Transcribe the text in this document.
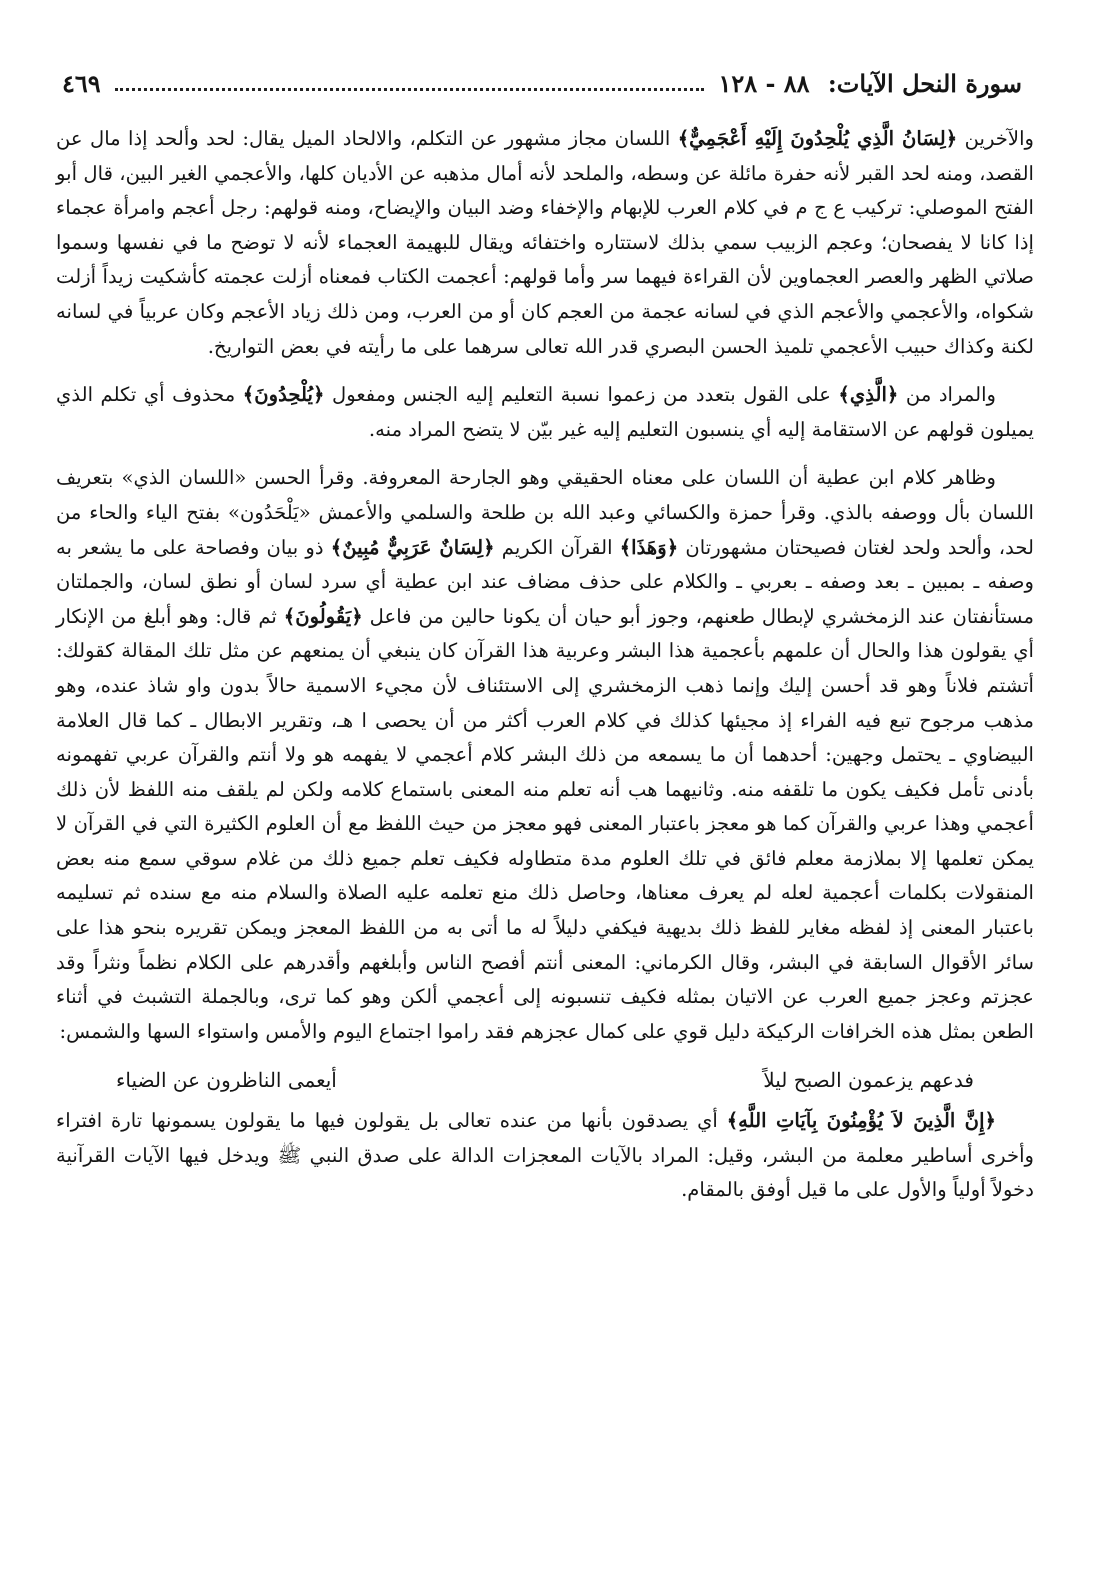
سورة النحل الآيات: ٨٨ - ١٢٨
٤٦٩

والآخرين ﴿لِسَانُ الَّذِي يُلْحِدُونَ إِلَيْهِ أَعْجَمِيٌّ﴾ اللسان مجاز مشهور عن التكلم، والالحاد الميل يقال: لحد وألحد إذا مال عن القصد، ومنه لحد القبر لأنه حفرة مائلة عن وسطه، والملحد لأنه أمال مذهبه عن الأديان كلها، والأعجمي الغير البين، قال أبو الفتح الموصلي: تركيب ع ج م في كلام العرب للإبهام والإخفاء وضد البيان والإيضاح، ومنه قولهم: رجل أعجم وامرأة عجماء إذا كانا لا يفصحان؛ وعجم الزبيب سمي بذلك لاستتاره واختفائه ويقال للبهيمة العجماء لأنه لا توضح ما في نفسها وسموا صلاتي الظهر والعصر العجماوين لأن القراءة فيهما سر وأما قولهم: أعجمت الكتاب فمعناه أزلت عجمته كأشكيت زيداً أزلت شكواه، والأعجمي والأعجم الذي في لسانه عجمة من العجم كان أو من العرب، ومن ذلك زياد الأعجم وكان عربياً في لسانه لكنة وكذاك حبيب الأعجمي تلميذ الحسن البصري قدر الله تعالى سرهما على ما رأيته في بعض التواريخ.

والمراد من ﴿الَّذِي﴾ على القول بتعدد من زعموا نسبة التعليم إليه الجنس ومفعول ﴿يُلْحِدُونَ﴾ محذوف أي تكلم الذي يميلون قولهم عن الاستقامة إليه أي ينسبون التعليم إليه غير بيّن لا يتضح المراد منه.

وظاهر كلام ابن عطية أن اللسان على معناه الحقيقي وهو الجارحة المعروفة. وقرأ الحسن «اللسان الذي» بتعريف اللسان بأل ووصفه بالذي. وقرأ حمزة والكسائي وعبد الله بن طلحة والسلمي والأعمش «يَلْحَدُون» بفتح الياء والحاء من لحد، وألحد ولحد لغتان فصيحتان مشهورتان ﴿وَهَذَا﴾ القرآن الكريم ﴿لِسَانٌ عَرَبِيٌّ مُبِينٌ﴾ ذو بيان وفصاحة على ما يشعر به وصفه ـ بمبين ـ بعد وصفه ـ بعربي ـ والكلام على حذف مضاف عند ابن عطية أي سرد لسان أو نطق لسان، والجملتان مستأنفتان عند الزمخشري لإبطال طعنهم، وجوز أبو حيان أن يكونا حالين من فاعل ﴿يَقُولُونَ﴾ ثم قال: وهو أبلغ من الإنكار أي يقولون هذا والحال أن علمهم بأعجمية هذا البشر وعربية هذا القرآن كان ينبغي أن يمنعهم عن مثل تلك المقالة كقولك: أتشتم فلاناً وهو قد أحسن إليك وإنما ذهب الزمخشري إلى الاستئناف لأن مجيء الاسمية حالاً بدون واو شاذ عنده، وهو مذهب مرجوح تبع فيه الفراء إذ مجيئها كذلك في كلام العرب أكثر من أن يحصى ا هـ، وتقرير الابطال ـ كما قال العلامة البيضاوي ـ يحتمل وجهين: أحدهما أن ما يسمعه من ذلك البشر كلام أعجمي لا يفهمه هو ولا أنتم والقرآن عربي تفهمونه بأدنى تأمل فكيف يكون ما تلقفه منه. وثانيهما هب أنه تعلم منه المعنى باستماع كلامه ولكن لم يلقف منه اللفظ لأن ذلك أعجمي وهذا عربي والقرآن كما هو معجز باعتبار المعنى فهو معجز من حيث اللفظ مع أن العلوم الكثيرة التي في القرآن لا يمكن تعلمها إلا بملازمة معلم فائق في تلك العلوم مدة متطاوله فكيف تعلم جميع ذلك من غلام سوقي سمع منه بعض المنقولات بكلمات أعجمية لعله لم يعرف معناها، وحاصل ذلك منع تعلمه عليه الصلاة والسلام منه مع سنده ثم تسليمه باعتبار المعنى إذ لفظه مغاير للفظ ذلك بديهية فيكفي دليلاً له ما أتى به من اللفظ المعجز ويمكن تقريره بنحو هذا على سائر الأقوال السابقة في البشر، وقال الكرماني: المعنى أنتم أفصح الناس وأبلغهم وأقدرهم على الكلام نظماً ونثراً وقد عجزتم وعجز جميع العرب عن الاتيان بمثله فكيف تنسبونه إلى أعجمي ألكن وهو كما ترى، وبالجملة التشبث في أثناء الطعن بمثل هذه الخرافات الركيكة دليل قوي على كمال عجزهم فقد راموا اجتماع اليوم والأمس واستواء السها والشمس:

فدعهم يزعمون الصبح ليلاً
أيعمى الناظرون عن الضياء

﴿إِنَّ الَّذِينَ لاَ يُؤْمِنُونَ بِآيَاتِ اللَّهِ﴾ أي يصدقون بأنها من عنده تعالى بل يقولون فيها ما يقولون يسمونها تارة افتراء وأخرى أساطير معلمة من البشر، وقيل: المراد بالآيات المعجزات الدالة على صدق النبي ﷺ ويدخل فيها الآيات القرآنية دخولاً أولياً والأول على ما قيل أوفق بالمقام.
